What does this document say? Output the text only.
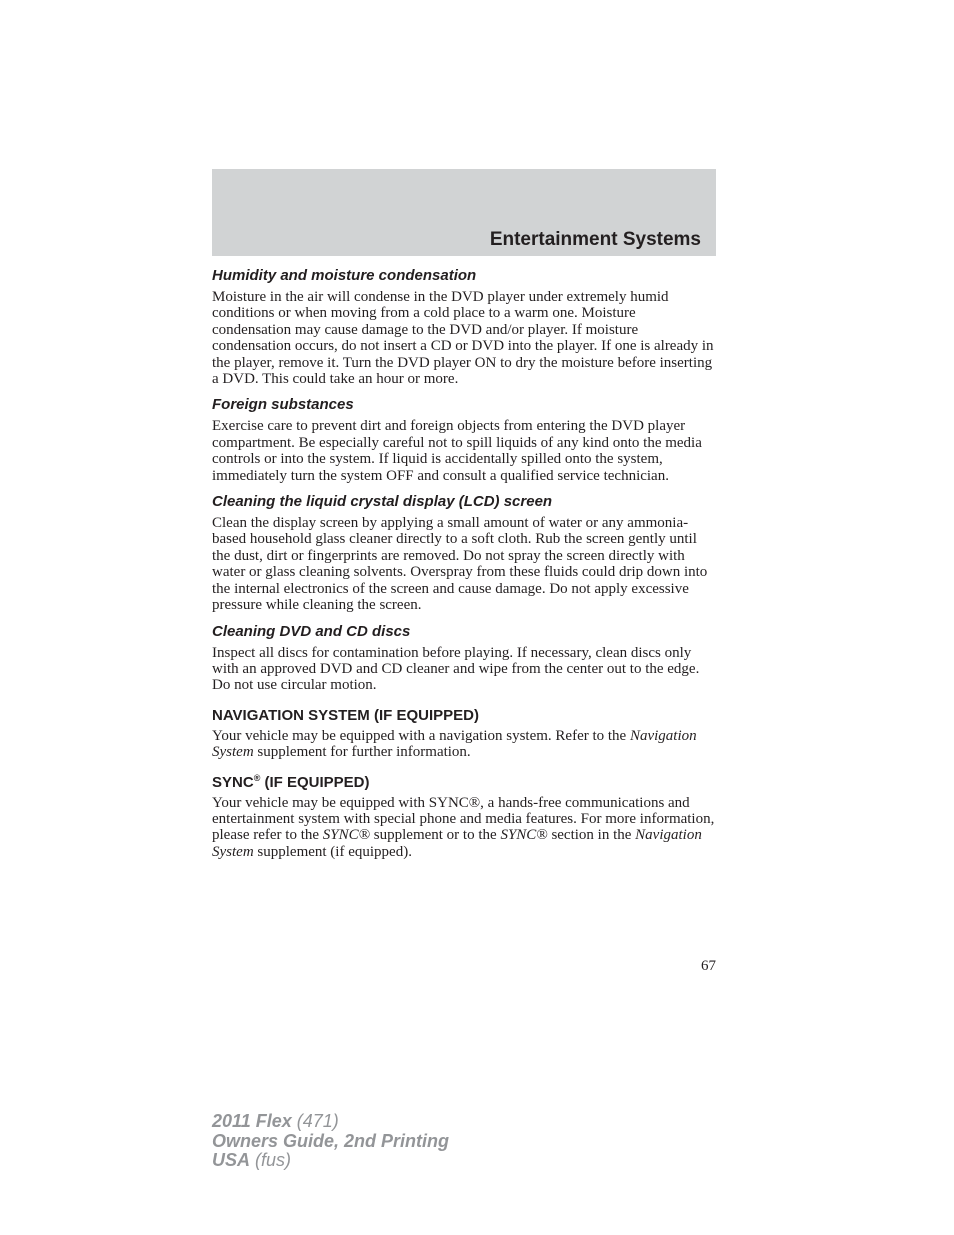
Entertainment Systems
Humidity and moisture condensation

Moisture in the air will condense in the DVD player under extremely humid conditions or when moving from a cold place to a warm one. Moisture condensation may cause damage to the DVD and/or player. If moisture condensation occurs, do not insert a CD or DVD into the player. If one is already in the player, remove it. Turn the DVD player ON to dry the moisture before inserting a DVD. This could take an hour or more.

Foreign substances

Exercise care to prevent dirt and foreign objects from entering the DVD player compartment. Be especially careful not to spill liquids of any kind onto the media controls or into the system. If liquid is accidentally spilled onto the system, immediately turn the system OFF and consult a qualified service technician.

Cleaning the liquid crystal display (LCD) screen

Clean the display screen by applying a small amount of water or any ammonia-based household glass cleaner directly to a soft cloth. Rub the screen gently until the dust, dirt or fingerprints are removed. Do not spray the screen directly with water or glass cleaning solvents. Overspray from these fluids could drip down into the internal electronics of the screen and cause damage. Do not apply excessive pressure while cleaning the screen.

Cleaning DVD and CD discs

Inspect all discs for contamination before playing. If necessary, clean discs only with an approved DVD and CD cleaner and wipe from the center out to the edge. Do not use circular motion.

NAVIGATION SYSTEM (IF EQUIPPED)

Your vehicle may be equipped with a navigation system. Refer to the Navigation System supplement for further information.

SYNC® (IF EQUIPPED)

Your vehicle may be equipped with SYNC®, a hands-free communications and entertainment system with special phone and media features. For more information, please refer to the SYNC® supplement or to the SYNC® section in the Navigation System supplement (if equipped).

67
2011 Flex (471)
Owners Guide, 2nd Printing
USA (fus)
